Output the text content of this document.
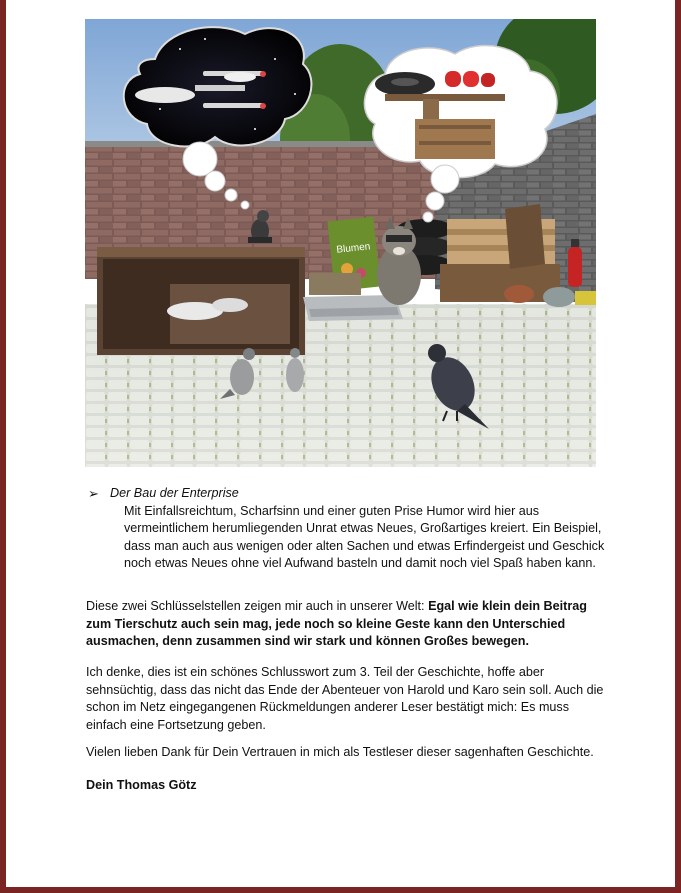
Blumen
➢ Der Bau der Enterprise
Mit Einfallsreichtum, Scharfsinn und einer guten Prise Humor wird hier aus vermeintlichem herumliegenden Unrat etwas Neues, Großartiges kreiert. Ein Beispiel, dass man auch aus wenigen oder alten Sachen und etwas Erfindergeist und Geschick noch etwas Neues ohne viel Aufwand basteln und damit noch viel Spaß haben kann.
Diese zwei Schlüsselstellen zeigen mir auch in unserer Welt: Egal wie klein dein Beitrag zum Tierschutz auch sein mag, jede noch so kleine Geste kann den Unterschied ausmachen, denn zusammen sind wir stark und können Großes bewegen.
Ich denke, dies ist ein schönes Schlusswort zum 3. Teil der Geschichte, hoffe aber sehnsüchtig, dass das nicht das Ende der Abenteuer von Harold und Karo sein soll. Auch die schon im Netz eingegangenen Rückmeldungen anderer Leser bestätigt mich: Es muss einfach eine Fortsetzung geben.
Vielen lieben Dank für Dein Vertrauen in mich als Testleser dieser sagenhaften Geschichte.
Dein Thomas Götz
